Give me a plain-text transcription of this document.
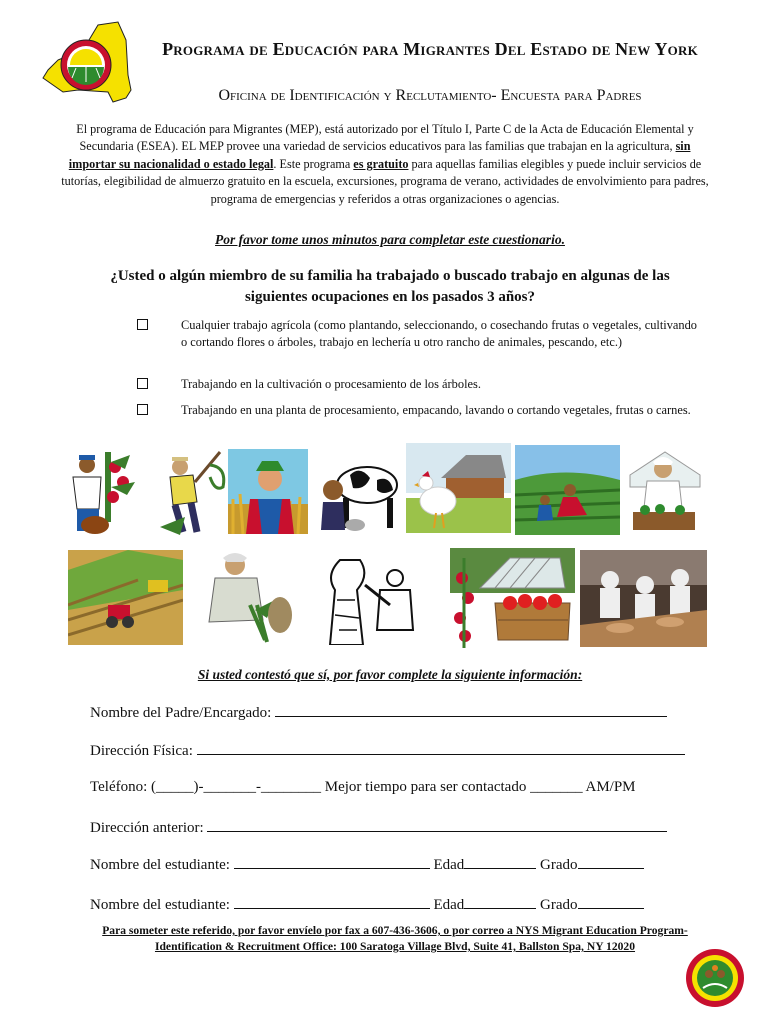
Programa de Educación para Migrantes Del Estado de New York
Oficina de Identificación y Reclutamiento- Encuesta para Padres
El programa de Educación para Migrantes (MEP), está autorizado por el Título I, Parte C de la Acta de Educación Elemental y Secundaria (ESEA). EL MEP provee una variedad de servicios educativos para las familias que trabajan en la agricultura, sin importar su nacionalidad o estado legal. Este programa es gratuito para aquellas familias elegibles y puede incluir servicios de tutorías, elegibilidad de almuerzo gratuito en la escuela, excursiones, programa de verano, actividades de envolvimiento para padres, programa de emergencias y referidos a otras organizaciones o agencias.
Por favor tome unos minutos para completar este cuestionario.
¿Usted o algún miembro de su familia ha trabajado o buscado trabajo en algunas de las siguientes ocupaciones en los pasados 3 años?
Cualquier trabajo agrícola (como plantando, seleccionando, o cosechando frutas o vegetales, cultivando o cortando flores o árboles, trabajo en lechería u otro rancho de animales, pescando, etc.)
Trabajando en la cultivación o procesamiento de los árboles.
Trabajando en una planta de procesamiento, empacando, lavando o cortando vegetales, frutas o carnes.
Si usted contestó que sí, por favor complete la siguiente información:
Nombre del Padre/Encargado:
Dirección Física:
Teléfono: (_____)-_______-________ Mejor tiempo para ser contactado _______ AM/PM
Dirección anterior:
Nombre del estudiante:	Edad	Grado
Nombre del estudiante:	Edad	Grado
Para someter este referido, por favor envíelo por fax a 607-436-3606, o por correo a NYS Migrant Education Program- Identification & Recruitment Office: 100 Saratoga Village Blvd, Suite 41, Ballston Spa, NY 12020
